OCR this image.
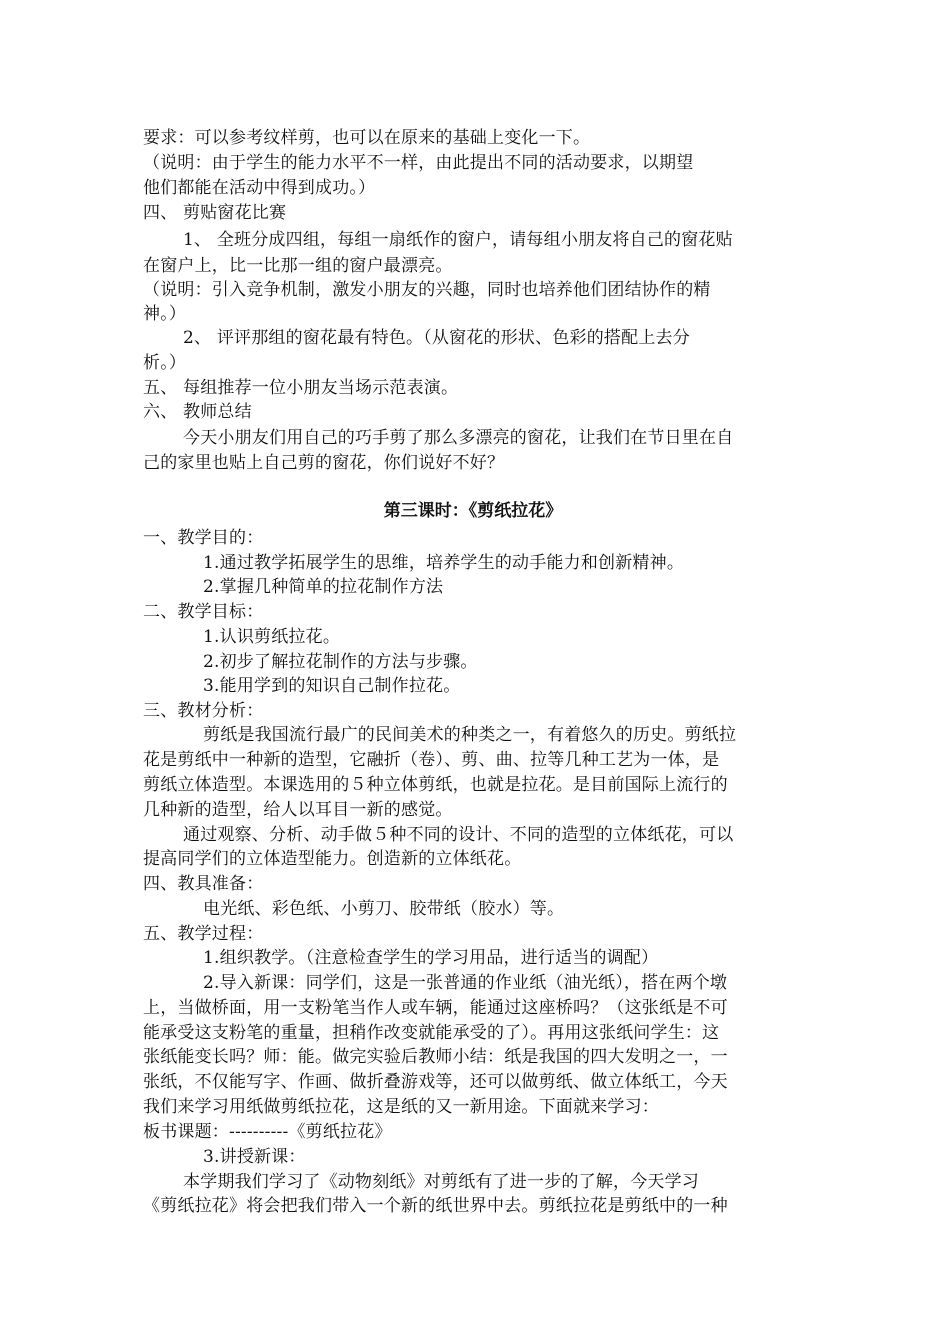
要求：可以参考纹样剪，也可以在原来的基础上变化一下。
（说明：由于学生的能力水平不一样，由此提出不同的活动要求，以期望
他们都能在活动中得到成功。）
四、 剪贴窗花比赛
1、 全班分成四组，每组一扇纸作的窗户，请每组小朋友将自己的窗花贴
在窗户上，比一比那一组的窗户最漂亮。
（说明：引入竞争机制，激发小朋友的兴趣，同时也培养他们团结协作的精
神。）
2、 评评那组的窗花最有特色。（从窗花的形状、色彩的搭配上去分
析。）
五、 每组推荐一位小朋友当场示范表演。
六、 教师总结
今天小朋友们用自己的巧手剪了那么多漂亮的窗花，让我们在节日里在自
己的家里也贴上自己剪的窗花，你们说好不好？
第三课时：《剪纸拉花》
一、教学目的：
1.通过教学拓展学生的思维，培养学生的动手能力和创新精神。
2.掌握几种简单的拉花制作方法
二、教学目标：
1.认识剪纸拉花。
2.初步了解拉花制作的方法与步骤。
3.能用学到的知识自己制作拉花。
三、教材分析：
剪纸是我国流行最广的民间美术的种类之一，有着悠久的历史。剪纸拉
花是剪纸中一种新的造型，它融折（卷）、剪、曲、拉等几种工艺为一体，是
剪纸立体造型。本课选用的５种立体剪纸，也就是拉花。是目前国际上流行的
几种新的造型，给人以耳目一新的感觉。
通过观察、分析、动手做５种不同的设计、不同的造型的立体纸花，可以
提高同学们的立体造型能力。创造新的立体纸花。
四、教具准备：
电光纸、彩色纸、小剪刀、胶带纸（胶水）等。
五、教学过程：
1.组织教学。（注意检查学生的学习用品，进行适当的调配）
2.导入新课：同学们，这是一张普通的作业纸（油光纸），搭在两个墩
上，当做桥面，用一支粉笔当作人或车辆，能通过这座桥吗？（这张纸是不可
能承受这支粉笔的重量，担稍作改变就能承受的了）。再用这张纸问学生：这
张纸能变长吗？师：能。做完实验后教师小结：纸是我国的四大发明之一，一
张纸，不仅能写字、作画、做折叠游戏等，还可以做剪纸、做立体纸工，今天
我们来学习用纸做剪纸拉花，这是纸的又一新用途。下面就来学习：
板书课题：----------《剪纸拉花》
3.讲授新课：
本学期我们学习了《动物刻纸》对剪纸有了进一步的了解，今天学习
《剪纸拉花》将会把我们带入一个新的纸世界中去。剪纸拉花是剪纸中的一种
